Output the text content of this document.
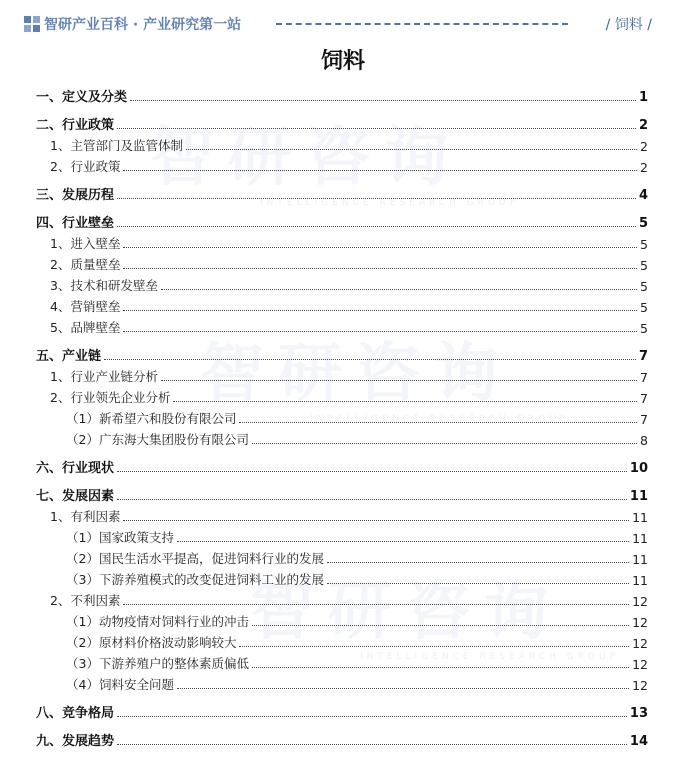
智研产业百科 · 产业研究第一站	/ 饲料 /
饲料
智研咨询
INTELLIGENCE RESEARCH GROUP
智研咨询
INTELLIGENCE RESEARCH GROUP
智研咨询
INTELLIGENCE RESEARCH GROUP
一、定义及分类	1
二、行业政策	2
1、主管部门及监管体制	2
2、行业政策	2
三、发展历程	4
四、行业壁垒	5
1、进入壁垒	5
2、质量壁垒	5
3、技术和研发壁垒	5
4、营销壁垒	5
5、品牌壁垒	5
五、产业链	7
1、行业产业链分析	7
2、行业领先企业分析	7
（1）新希望六和股份有限公司	7
（2）广东海大集团股份有限公司	8
六、行业现状	10
七、发展因素	11
1、有利因素	11
（1）国家政策支持	11
（2）国民生活水平提高，促进饲料行业的发展	11
（3）下游养殖模式的改变促进饲料工业的发展	11
2、不利因素	12
（1）动物疫情对饲料行业的冲击	12
（2）原材料价格波动影响较大	12
（3）下游养殖户的整体素质偏低	12
（4）饲料安全问题	12
八、竞争格局	13
九、发展趋势	14
